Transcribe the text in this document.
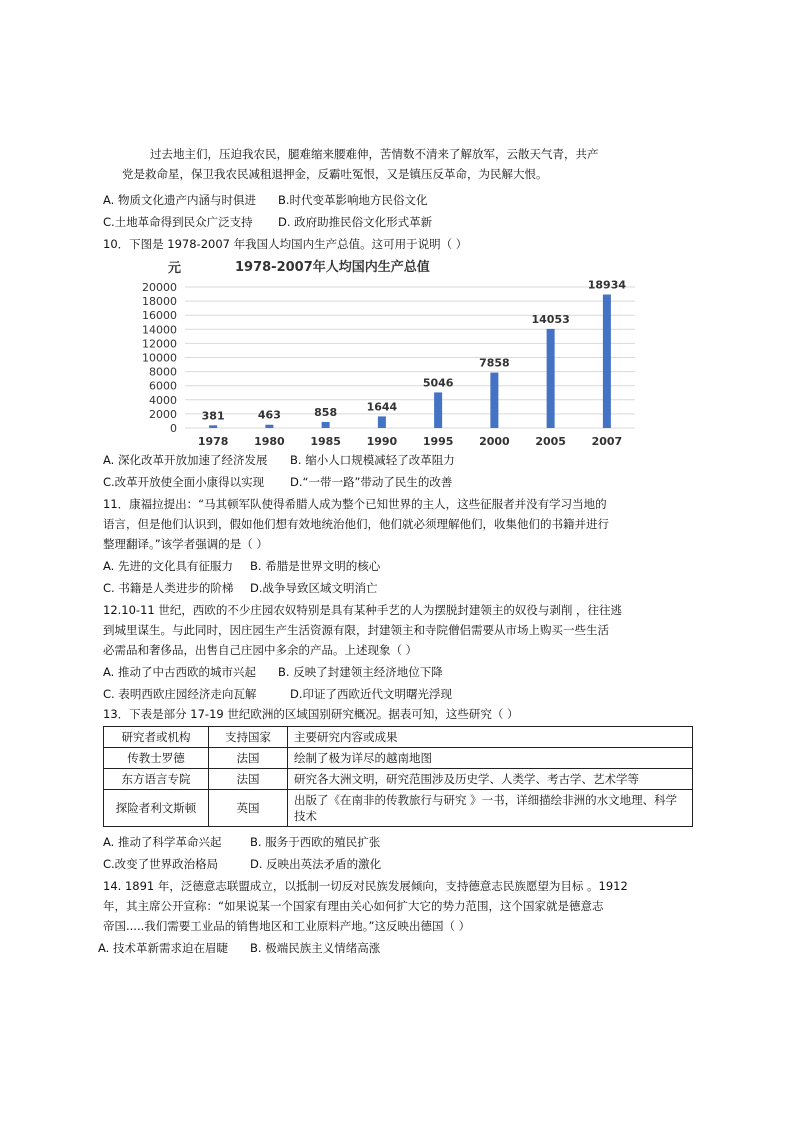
过去地主们，压迫我农民，腿难缩来腰难伸，苦情数不清来了解放军，云散天气青，共产
党是救命星，保卫我农民减租退押金，反霸吐冤恨，又是镇压反革命，为民解大恨。
A. 物质文化遗产内涵与时俱进 B.时代变革影响地方民俗文化
C.土地革命得到民众广泛支持 D. 政府助推民俗文化形式革新
10．下图是 1978-2007 年我国人均国内生产总值。这可用于说明（ ）
0
2000
4000
6000
8000
10000
12000
14000
16000
18000
20000
381	463	858	1644
5046
7858
14053
18934
1978 1980 1985 1990 1995 2000 2005 2007
元	1978-2007年人均国内生产总值
A. 深化改革开放加速了经济发展 B. 缩小人口规模减轻了改革阻力
C.改革开放使全面小康得以实现 D.“一带一路”带动了民生的改善
11．康福拉提出：“马其顿军队使得希腊人成为整个已知世界的主人，这些征服者并没有学习当地的
语言，但是他们认识到，假如他们想有效地统治他们，他们就必须理解他们，收集他们的书籍并进行
整理翻译。”该学者强调的是（ ）
A. 先进的文化具有征服力 B. 希腊是世界文明的核心
C. 书籍是人类进步的阶梯 D.战争导致区域文明消亡
12.10-11 世纪，西欧的不少庄园农奴特别是具有某种手艺的人为摆脱封建领主的奴役与剥削 ，往往逃
到城里谋生。与此同时，因庄园生产生活资源有限，封建领主和寺院僧侣需要从市场上购买一些生活
必需品和奢侈品，出售自己庄园中多余的产品。上述现象（ ）
A. 推动了中古西欧的城市兴起 B. 反映了封建领主经济地位下降
C. 表明西欧庄园经济走向瓦解	D.印证了西欧近代文明曙光浮现
13．下表是部分 17-19 世纪欧洲的区域国别研究概况。据表可知，这些研究（ ）
研究者或机构	支持国家	主要研究内容或成果
传教士罗德	法国	绘制了极为详尽的越南地图
东方语言专院	法国	研究各大洲文明，研究范围涉及历史学、人类学、考古学、艺术学等
探险者利文斯顿	英国	出版了《在南非的传教旅行与研究 》一书，详细描绘非洲的水文地理、科学技术
A. 推动了科学革命兴起 B. 服务于西欧的殖民扩张
C.改变了世界政治格局	D. 反映出英法矛盾的激化
14. 1891 年，泛德意志联盟成立，以抵制一切反对民族发展倾向，支持德意志民族愿望为目标 。1912
年，其主席公开宣称：“如果说某一个国家有理由关心如何扩大它的势力范围，这个国家就是德意志
帝国.....我们需要工业品的销售地区和工业原料产地。”这反映出德国（ ）
A. 技术革新需求迫在眉睫 B. 极端民族主义情绪高涨
